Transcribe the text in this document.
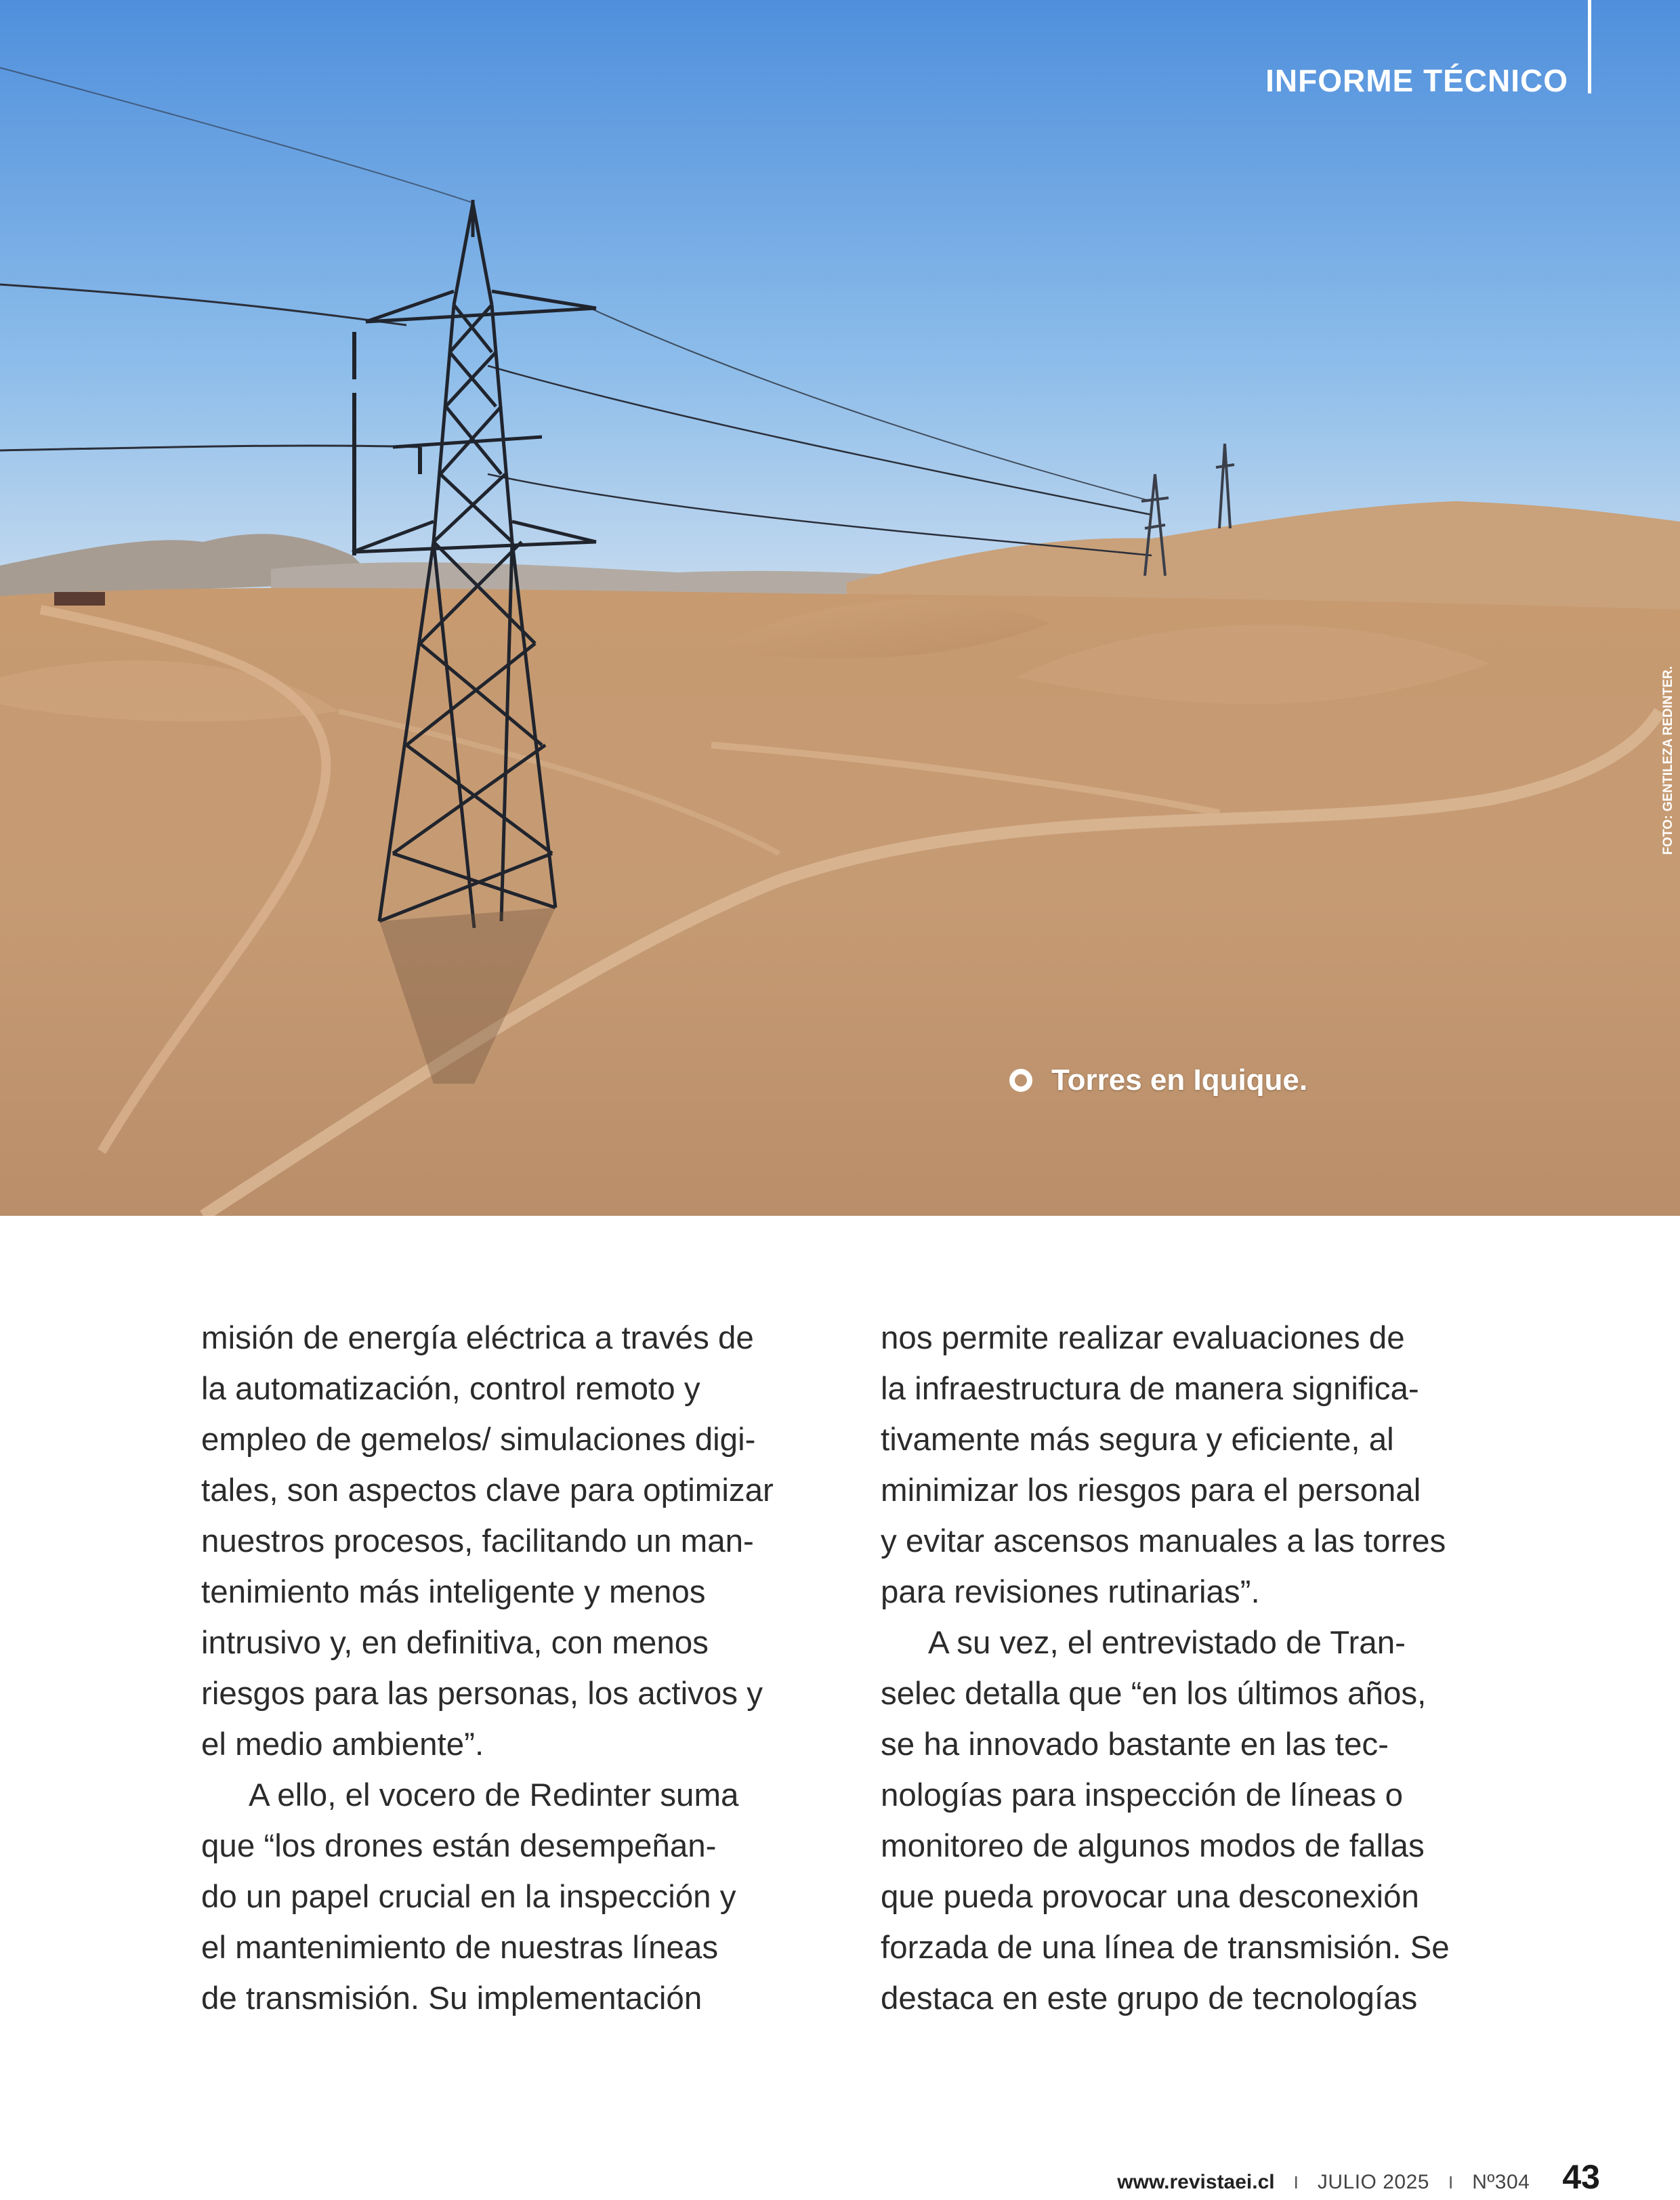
INFORME TÉCNICO
FOTO: GENTILEZA REDINTER.
Torres en Iquique.
misión de energía eléctrica a través de
la automatización, control remoto y
empleo de gemelos/ simulaciones digi-
tales, son aspectos clave para optimizar
nuestros procesos, facilitando un man-
tenimiento más inteligente y menos
intrusivo y, en definitiva, con menos
riesgos para las personas, los activos y
el medio ambiente”.
A ello, el vocero de Redinter suma
que “los drones están desempeñan-
do un papel crucial en la inspección y
el mantenimiento de nuestras líneas
de transmisión. Su implementación
nos permite realizar evaluaciones de
la infraestructura de manera significa-
tivamente más segura y eficiente, al
minimizar los riesgos para el personal
y evitar ascensos manuales a las torres
para revisiones rutinarias”.
A su vez, el entrevistado de Tran-
selec detalla que “en los últimos años,
se ha innovado bastante en las tec-
nologías para inspección de líneas o
monitoreo de algunos modos de fallas
que pueda provocar una desconexión
forzada de una línea de transmisión. Se
destaca en este grupo de tecnologías
www.revistaei.cl I JULIO 2025 I Nº304 43
